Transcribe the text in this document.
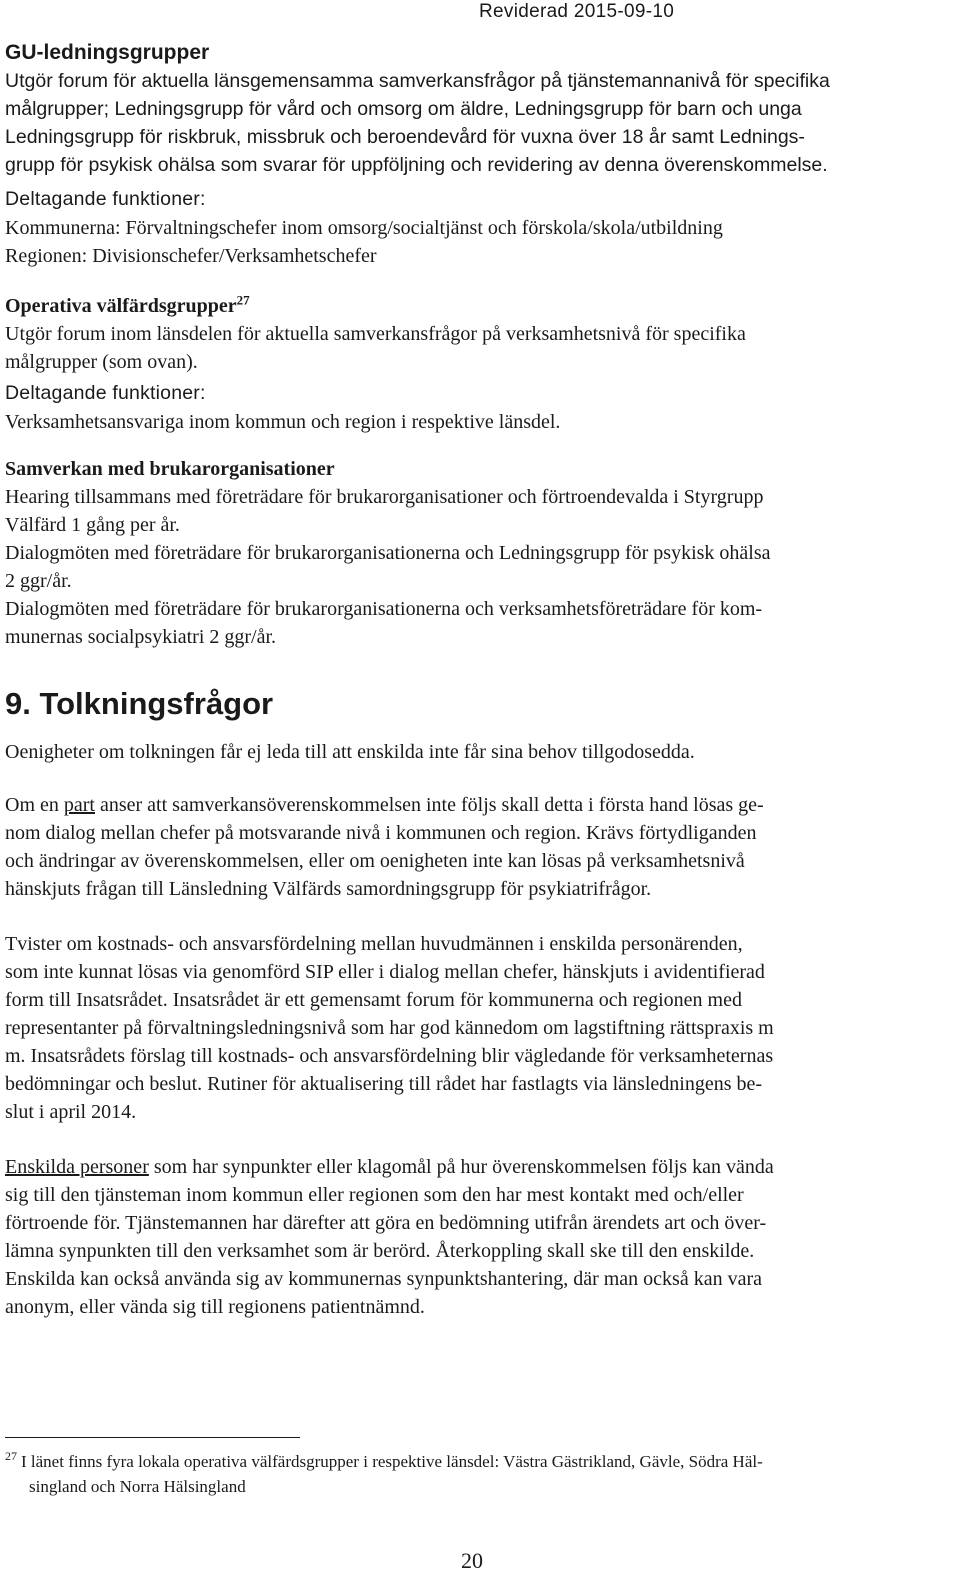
Reviderad 2015-09-10

GU-ledningsgrupper

Utgör forum för aktuella länsgemensamma samverkansfrågor på tjänstemannanivå för specifika

målgrupper; Ledningsgrupp för vård och omsorg om äldre, Ledningsgrupp för barn och unga

Ledningsgrupp för riskbruk, missbruk och beroendevård för vuxna över 18 år samt Lednings-

grupp för psykisk ohälsa som svarar för uppföljning och revidering av denna överenskommelse.

Deltagande funktioner:

Kommunerna: Förvaltningschefer inom omsorg/socialtjänst och förskola/skola/utbildning

Regionen: Divisionschefer/Verksamhetschefer

Operativa välfärdsgrupper$^{27}$

Utgör forum inom länsdelen för aktuella samverkansfrågor på verksamhetsnivå för specifika

målgrupper (som ovan).

Deltagande funktioner:

Verksamhetsansvariga inom kommun och region i respektive länsdel.

Samverkan med brukarorganisationer

Hearing tillsammans med företrädare för brukarorganisationer och förtroendevalda i Styrgrupp

Välfärd 1 gång per år.

Dialogmöten med företrädare för brukarorganisationerna och Ledningsgrupp för psykisk ohälsa

2 ggr/år.

Dialogmöten med företrädare för brukarorganisationerna och verksamhetsföreträdare för kom-

munernas socialpsykiatri 2 ggr/år.

9. Tolkningsfrågor

Oenigheter om tolkningen får ej leda till att enskilda inte får sina behov tillgodosedda.

Om en part anser att samverkansöverenskommelsen inte följs skall detta i första hand lösas ge-

nom dialog mellan chefer på motsvarande nivå i kommunen och region. Krävs förtydliganden

och ändringar av överenskommelsen, eller om oenigheten inte kan lösas på verksamhetsnivå

hänskjuts frågan till Länsledning Välfärds samordningsgrupp för psykiatrifrågor.

Tvister om kostnads- och ansvarsfördelning mellan huvudmännen i enskilda personärenden,

som inte kunnat lösas via genomförd SIP eller i dialog mellan chefer, hänskjuts i avidentifierad

form till Insatsrådet. Insatsrådet är ett gemensamt forum för kommunerna och regionen med

representanter på förvaltningsledningsnivå som har god kännedom om lagstiftning rättspraxis m

m. Insatsrådets förslag till kostnads- och ansvarsfördelning blir vägledande för verksamheternas

bedömningar och beslut. Rutiner för aktualisering till rådet har fastlagts via länsledningens be-

slut i april 2014.

Enskilda personer som har synpunkter eller klagomål på hur överenskommelsen följs kan vända

sig till den tjänsteman inom kommun eller regionen som den har mest kontakt med och/eller

förtroende för. Tjänstemannen har därefter att göra en bedömning utifrån ärendets art och över-

lämna synpunkten till den verksamhet som är berörd. Återkoppling skall ske till den enskilde.

Enskilda kan också använda sig av kommunernas synpunktshantering, där man också kan vara

anonym, eller vända sig till regionens patientnämnd.

$^{27}$ I länet finns fyra lokala operativa välfärdsgrupper i respektive länsdel: Västra Gästrikland, Gävle, Södra Häl-
singland och Norra Hälsingland
20
